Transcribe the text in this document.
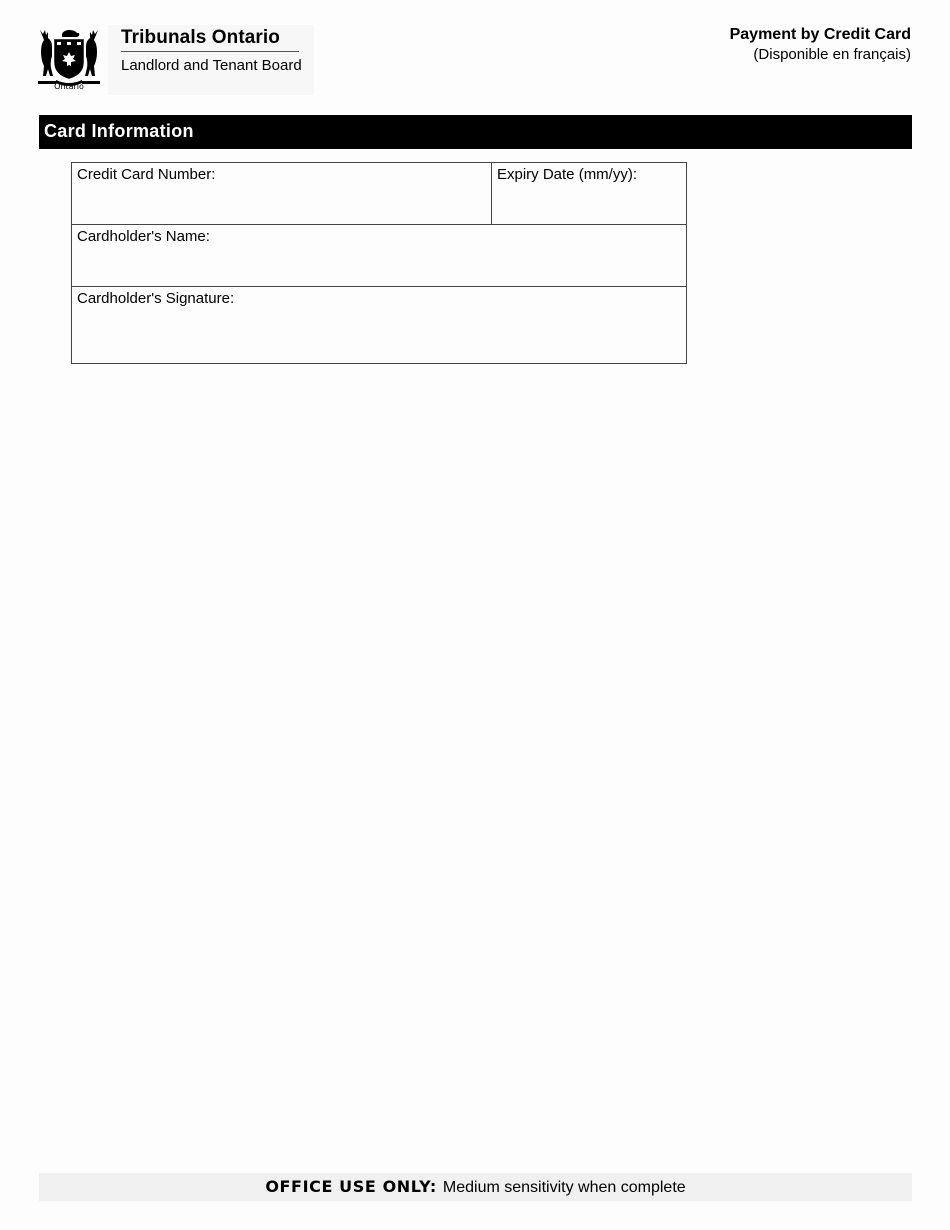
Ontario
Tribunals Ontario
Landlord and Tenant Board
Payment by Credit Card
(Disponible en français)
Card Information
Credit Card Number:	Expiry Date (mm/yy):
Cardholder's Name:
Cardholder's Signature:
OFFICE USE ONLY: Medium sensitivity when complete
